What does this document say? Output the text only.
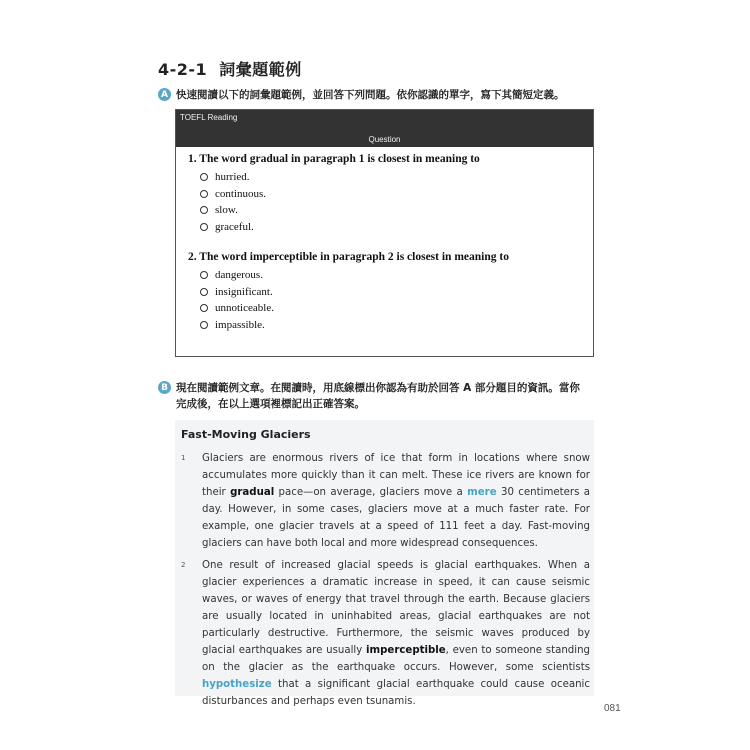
4-2-1 詞彙題範例
A 快速閱讀以下的詞彙題範例，並回答下列問題。依你認識的單字，寫下其簡短定義。
TOEFL Reading
Question
1. The word gradual in paragraph 1 is closest in meaning to
hurried.
continuous.
slow.
graceful.
2. The word imperceptible in paragraph 2 is closest in meaning to
dangerous.
insignificant.
unnoticeable.
impassible.
B 現在閱讀範例文章。在閱讀時，用底線標出你認為有助於回答 A 部分題目的資訊。當你完成後，在以上選項裡標記出正確答案。
Fast-Moving Glaciers
1 Glaciers are enormous rivers of ice that form in locations where snow accumulates more quickly than it can melt. These ice rivers are known for their gradual pace—on average, glaciers move a mere 30 centimeters a day. However, in some cases, glaciers move at a much faster rate. For example, one glacier travels at a speed of 111 feet a day. Fast-moving glaciers can have both local and more widespread consequences.

2 One result of increased glacial speeds is glacial earthquakes. When a glacier experiences a dramatic increase in speed, it can cause seismic waves, or waves of energy that travel through the earth. Because glaciers are usually located in uninhabited areas, glacial earthquakes are not particularly destructive. Furthermore, the seismic waves produced by glacial earthquakes are usually imperceptible, even to someone standing on the glacier as the earthquake occurs. However, some scientists hypothesize that a significant glacial earthquake could cause oceanic disturbances and perhaps even tsunamis.

081
